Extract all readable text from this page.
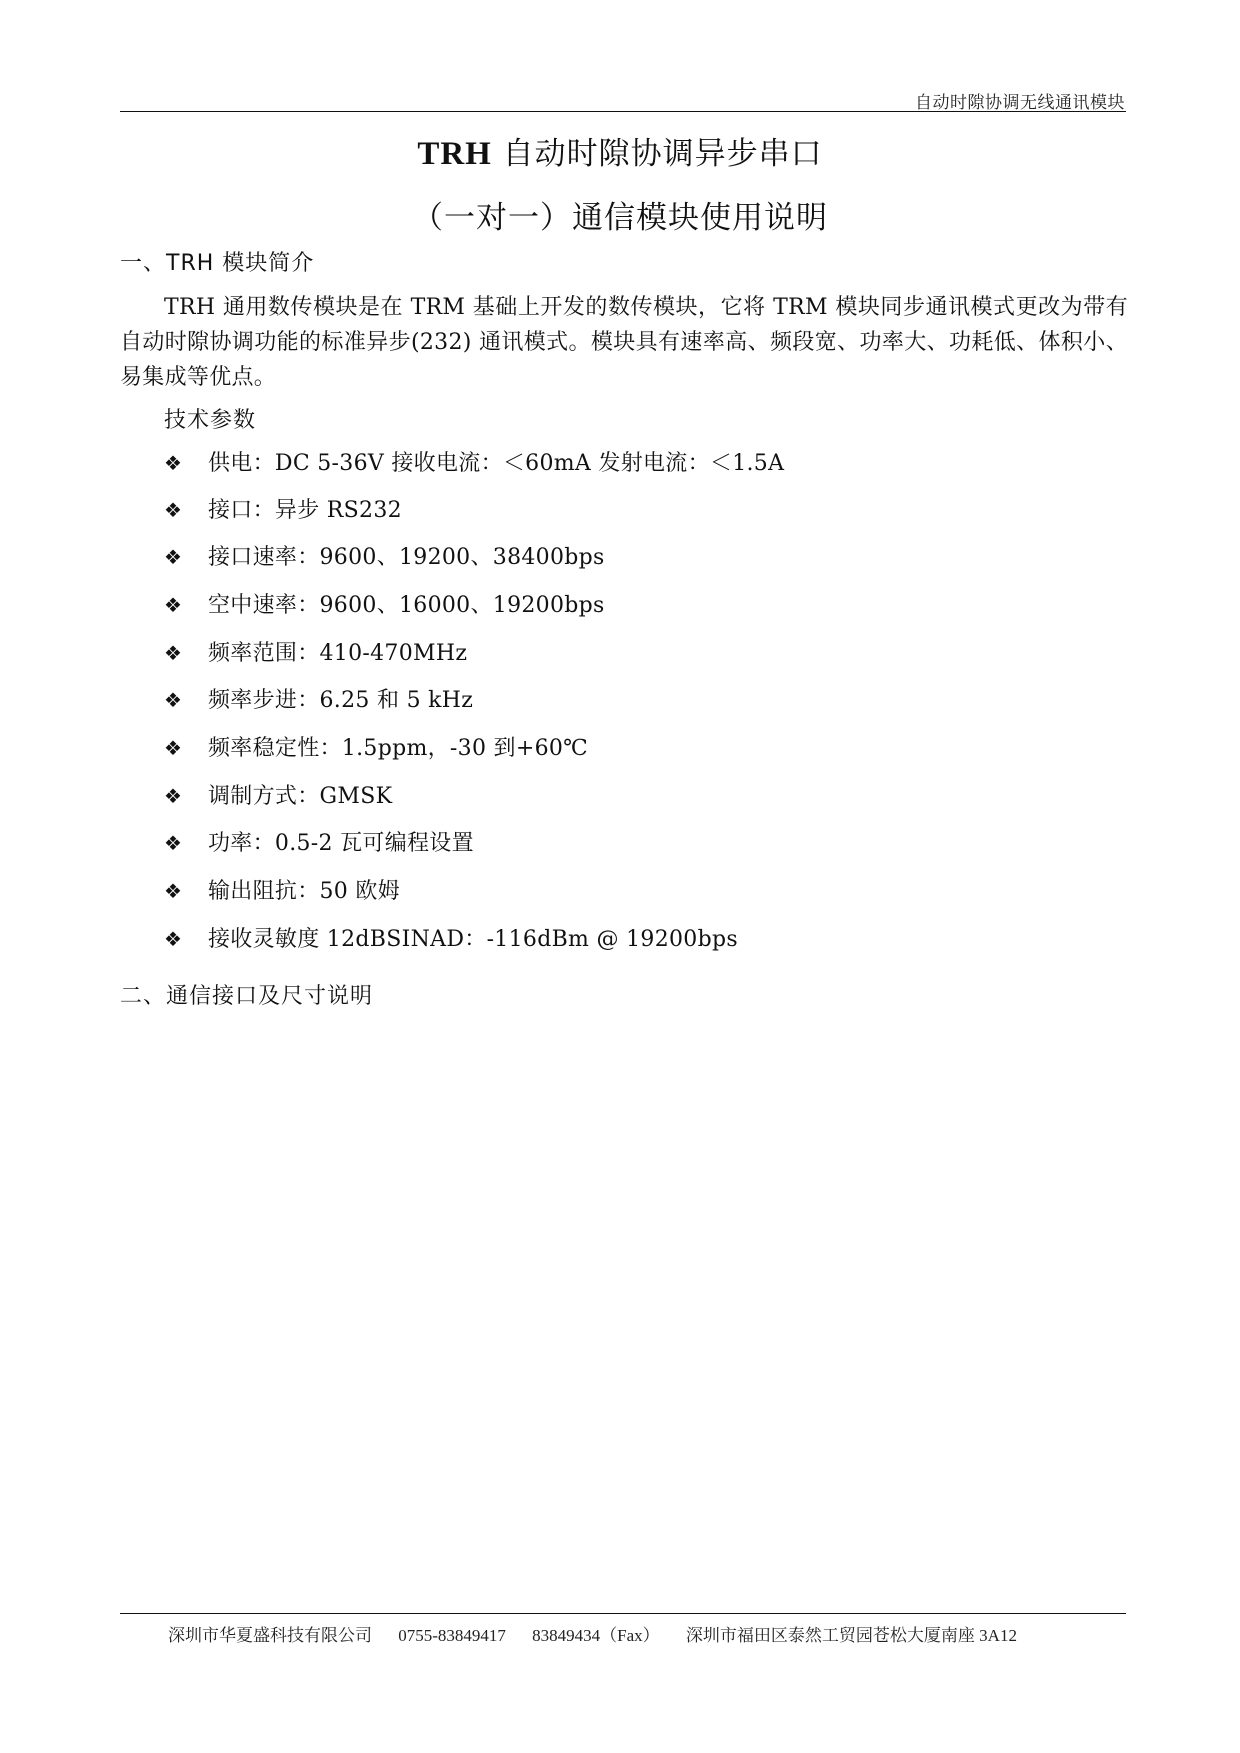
自动时隙协调无线通讯模块
TRH 自动时隙协调异步串口
（一对一）通信模块使用说明
一、TRH 模块简介
TRH 通用数传模块是在 TRM 基础上开发的数传模块，它将 TRM 模块同步通讯模式更改为带有自动时隙协调功能的标准异步(232) 通讯模式。模块具有速率高、频段宽、功率大、功耗低、体积小、易集成等优点。
技术参数
❖ 供电：DC 5-36V 接收电流：＜60mA 发射电流：＜1.5A
❖ 接口：异步 RS232
❖ 接口速率：9600、19200、38400bps
❖ 空中速率：9600、16000、19200bps
❖ 频率范围：410-470MHz
❖ 频率步进：6.25 和 5 kHz
❖ 频率稳定性：1.5ppm，-30 到+60℃
❖ 调制方式：GMSK
❖ 功率：0.5-2 瓦可编程设置
❖ 输出阻抗：50 欧姆
❖ 接收灵敏度 12dBSINAD：-116dBm @ 19200bps
二、通信接口及尺寸说明
深圳市华夏盛科技有限公司 0755-83849417 83849434（Fax） 深圳市福田区泰然工贸园苍松大厦南座 3A12
